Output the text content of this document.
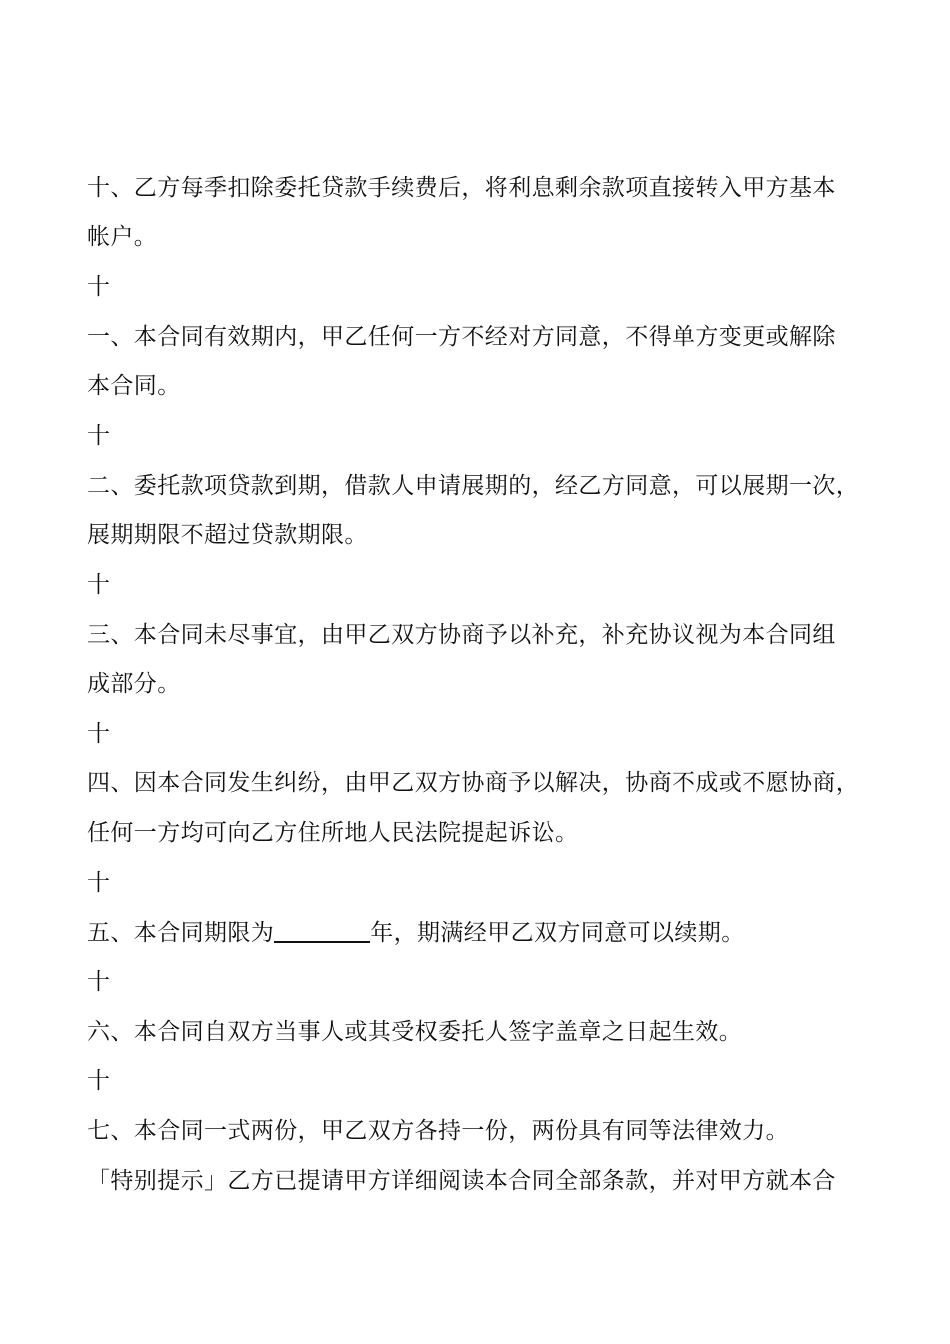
十、乙方每季扣除委托贷款手续费后，将利息剩余款项直接转入甲方基本
帐户。
十
一、本合同有效期内，甲乙任何一方不经对方同意，不得单方变更或解除
本合同。
十
二、委托款项贷款到期，借款人申请展期的，经乙方同意，可以展期一次，
展期期限不超过贷款期限。
十
三、本合同未尽事宜，由甲乙双方协商予以补充，补充协议视为本合同组
成部分。
十
四、因本合同发生纠纷，由甲乙双方协商予以解决，协商不成或不愿协商，
任何一方均可向乙方住所地人民法院提起诉讼。
十
五、本合同期限为	年，期满经甲乙双方同意可以续期。
十
六、本合同自双方当事人或其受权委托人签字盖章之日起生效。
十
七、本合同一式两份，甲乙双方各持一份，两份具有同等法律效力。
「特别提示」乙方已提请甲方详细阅读本合同全部条款，并对甲方就本合
